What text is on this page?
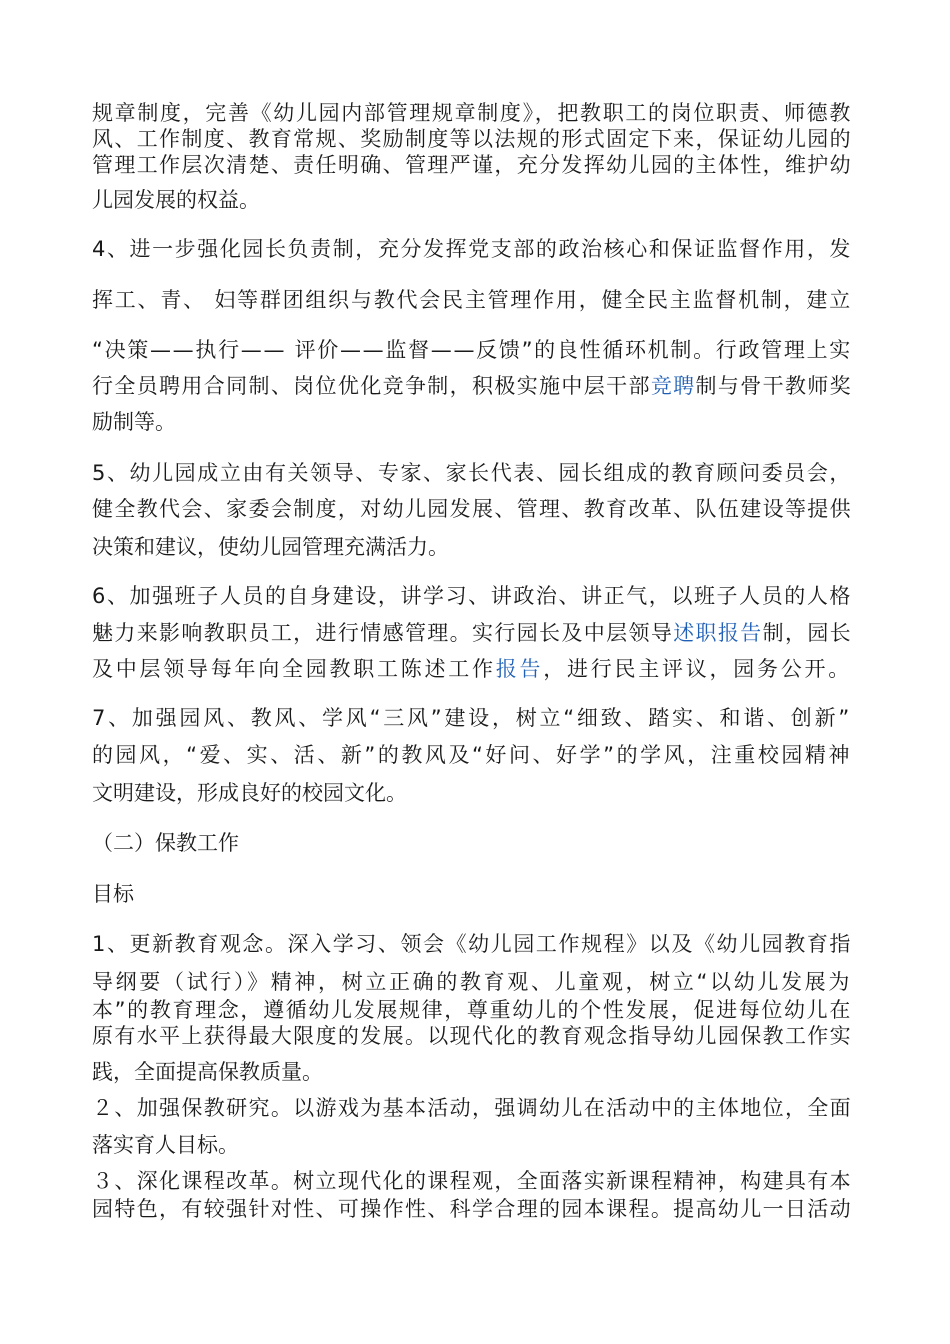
规章制度，完善《幼儿园内部管理规章制度》，把教职工的岗位职责、师德教
风、工作制度、教育常规、奖励制度等以法规的形式固定下来，保证幼儿园的
管理工作层次清楚、责任明确、管理严谨，充分发挥幼儿园的主体性，维护幼
儿园发展的权益。
4、进一步强化园长负责制，充分发挥党支部的政治核心和保证监督作用，发
挥工、青、 妇等群团组织与教代会民主管理作用，健全民主监督机制，建立
“决策——执行—— 评价——监督——反馈”的良性循环机制。行政管理上实
行全员聘用合同制、岗位优化竞争制，积极实施中层干部竞聘制与骨干教师奖
励制等。
5、幼儿园成立由有关领导、专家、家长代表、园长组成的教育顾问委员会，
健全教代会、家委会制度，对幼儿园发展、管理、教育改革、队伍建设等提供
决策和建议，使幼儿园管理充满活力。
6、加强班子人员的自身建设，讲学习、讲政治、讲正气，以班子人员的人格
魅力来影响教职员工，进行情感管理。实行园长及中层领导述职报告制，园长
及中层领导每年向全园教职工陈述工作报告，进行民主评议，园务公开。
7、加强园风、教风、学风“三风”建设，树立“细致、踏实、和谐、创新”
的园风，“爱、实、活、新”的教风及“好问、好学”的学风，注重校园精神
文明建设，形成良好的校园文化。
（二）保教工作
目标
1、更新教育观念。深入学习、领会《幼儿园工作规程》以及《幼儿园教育指
导纲要（试行）》精神，树立正确的教育观、儿童观，树立“以幼儿发展为
本”的教育理念，遵循幼儿发展规律，尊重幼儿的个性发展，促进每位幼儿在
原有水平上获得最大限度的发展。以现代化的教育观念指导幼儿园保教工作实
践，全面提高保教质量。
２、加强保教研究。以游戏为基本活动，强调幼儿在活动中的主体地位，全面
落实育人目标。
３、深化课程改革。树立现代化的课程观，全面落实新课程精神，构建具有本
园特色，有较强针对性、可操作性、科学合理的园本课程。提高幼儿一日活动
